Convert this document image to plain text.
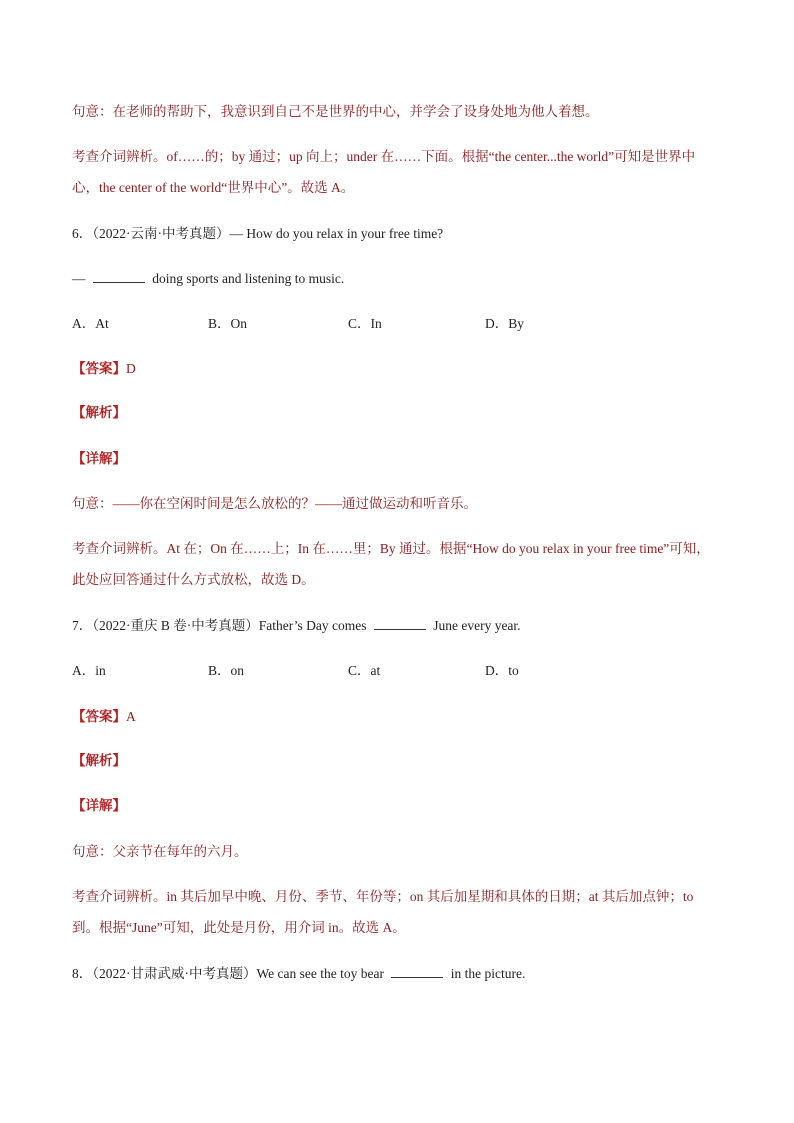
句意：在老师的帮助下，我意识到自己不是世界的中心，并学会了设身处地为他人着想。
考查介词辨析。of……的；by 通过；up 向上；under 在……下面。根据“the center...the world”可知是世界中
心，the center of the world“世界中心”。故选 A。
6．（2022·云南·中考真题）— How do you relax in your free time?
—	doing sports and listening to music.
A．At	B．On	C．In	D．By
【答案】D
【解析】
【详解】
句意：——你在空闲时间是怎么放松的？——通过做运动和听音乐。
考查介词辨析。At 在；On 在……上；In 在……里；By 通过。根据“How do you relax in your free time”可知，
此处应回答通过什么方式放松，故选 D。
7．（2022·重庆 B 卷·中考真题）Father’s Day comes	June every year.
A．in	B．on	C．at	D．to
【答案】A
【解析】
【详解】
句意：父亲节在每年的六月。
考查介词辨析。in 其后加早中晚、月份、季节、年份等；on 其后加星期和具体的日期；at 其后加点钟；to
到。根据“June”可知，此处是月份，用介词 in。故选 A。
8．（2022·甘肃武威·中考真题）We can see the toy bear	in the picture.
